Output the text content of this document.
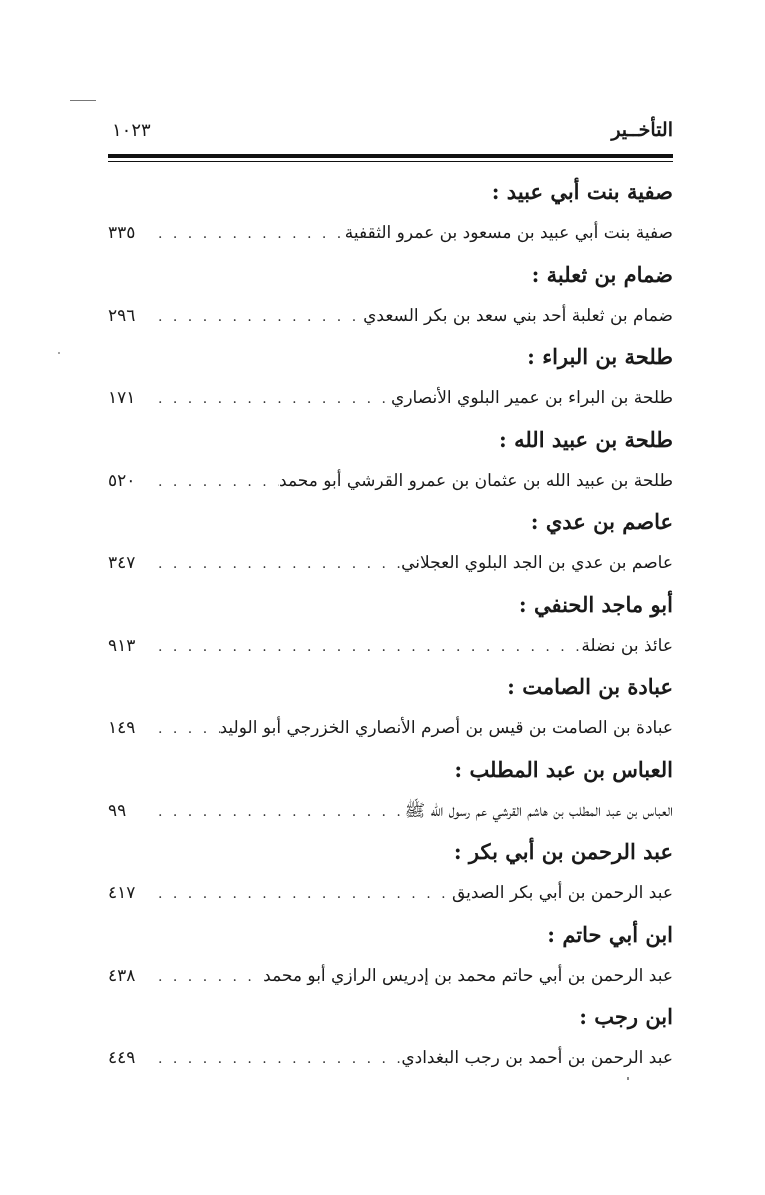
التأخــير
١٠٢٣
صفية بنت أبي عبيد :
صفية بنت أبي عبيد بن مسعود بن عمرو الثقفية
. . .
٣٣٥
ضمام بن ثعلبة :
ضمام بن ثعلبة أحد بني سعد بن بكر السعدي
. . .
٢٩٦
طلحة بن البراء :
طلحة بن البراء بن عمير البلوي الأنصاري
. . .
١٧١
طلحة بن عبيد الله :
طلحة بن عبيد الله بن عثمان بن عمرو القرشي أبو محمد
. . .
٥٢٠
عاصم بن عدي :
عاصم بن عدي بن الجد البلوي العجلاني
. . .
٣٤٧
أبو ماجد الحنفي :
عائذ بن نضلة
. . .
٩١٣
عبادة بن الصامت :
عبادة بن الصامت بن قيس بن أصرم الأنصاري الخزرجي أبو الوليد
. . .
١٤٩
العباس بن عبد المطلب :
العباس بن عبد المطلب بن هاشم القرشي عم رسول الله ﷺ
. . .
٩٩
عبد الرحمن بن أبي بكر :
عبد الرحمن بن أبي بكر الصديق
. . .
٤١٧
ابن أبي حاتم :
عبد الرحمن بن أبي حاتم محمد بن إدريس الرازي أبو محمد
. . .
٤٣٨
ابن رجب :
عبد الرحمن بن أحمد بن رجب البغدادي
. . .
٤٤٩
